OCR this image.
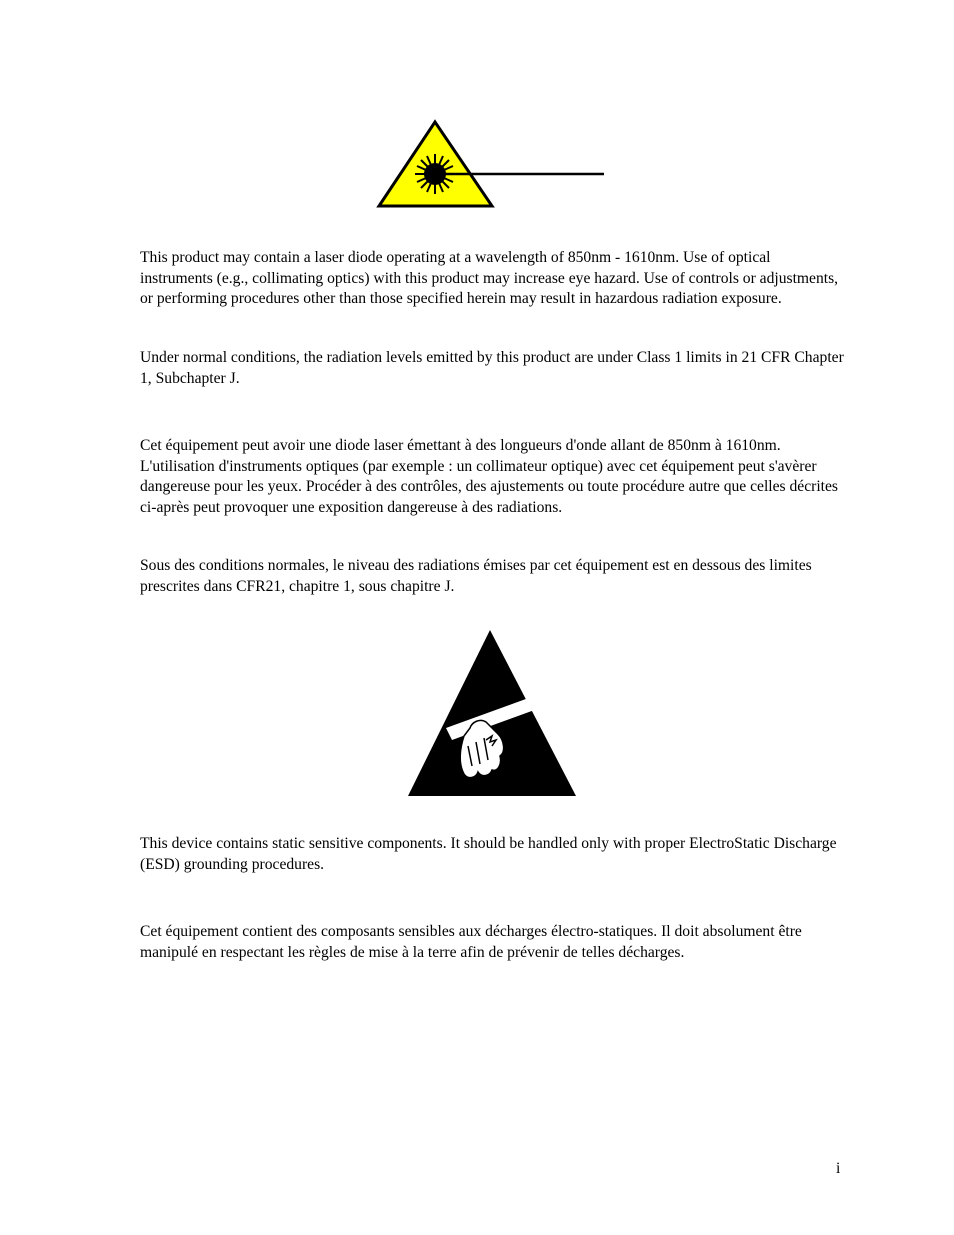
This product may contain a laser diode operating at a wavelength of 850nm - 1610nm. Use of optical instruments (e.g., collimating optics) with this product may increase eye hazard. Use of controls or adjustments, or performing procedures other than those specified herein may result in hazardous radiation exposure.

Under normal conditions, the radiation levels emitted by this product are under Class 1 limits in 21 CFR Chapter 1, Subchapter J.

Cet équipement peut avoir une diode laser émettant à des longueurs d'onde allant de 850nm à 1610nm. L'utilisation d'instruments optiques (par exemple : un collimateur optique) avec cet équipement peut s'avèrer dangereuse pour les yeux. Procéder à des contrôles, des ajustements ou toute procédure autre que celles décrites ci-après peut provoquer une exposition dangereuse à des radiations.

Sous des conditions normales, le niveau des radiations émises par cet équipement est en dessous des limites prescrites dans CFR21, chapitre 1, sous chapitre J.

This device contains static sensitive components. It should be handled only with proper ElectroStatic Discharge (ESD) grounding procedures.

Cet équipement contient des composants sensibles aux décharges électro-statiques. Il doit absolument être manipulé en respectant les règles de mise à la terre afin de prévenir de telles décharges.

i
